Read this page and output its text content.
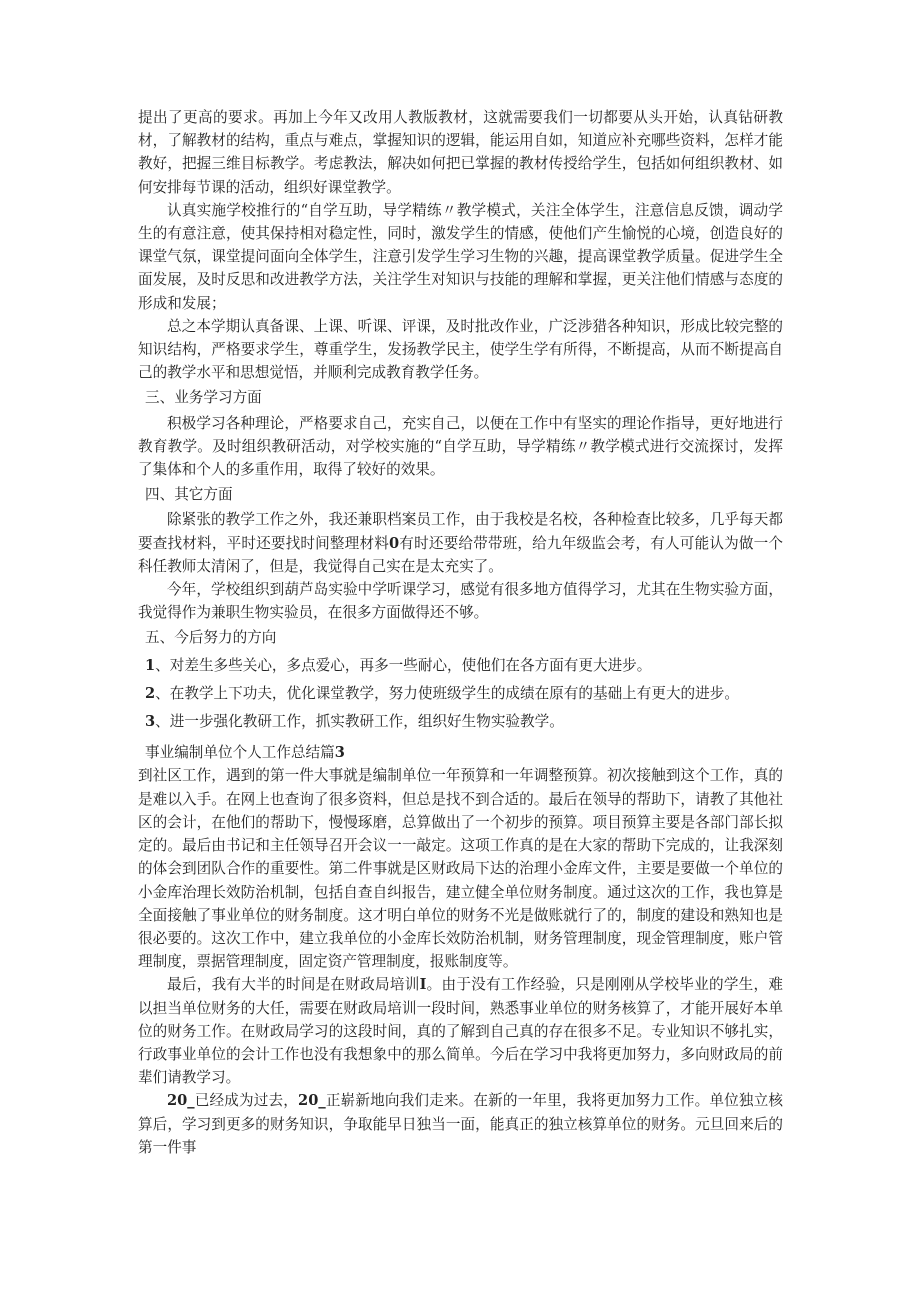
提出了更高的要求。再加上今年又改用人教版教材，这就需要我们一切都要从头开始，认真钻研教材，了解教材的结构，重点与难点，掌握知识的逻辑，能运用自如，知道应补充哪些资料，怎样才能教好，把握三维目标教学。考虑教法，解决如何把已掌握的教材传授给学生，包括如何组织教材、如何安排每节课的活动，组织好课堂教学。

认真实施学校推行的“自学互助，导学精练〃教学模式，关注全体学生，注意信息反馈，调动学生的有意注意，使其保持相对稳定性，同时，激发学生的情感，使他们产生愉悦的心境，创造良好的课堂气氛，课堂提问面向全体学生，注意引发学生学习生物的兴趣，提高课堂教学质量。促进学生全面发展，及时反思和改进教学方法，关注学生对知识与技能的理解和掌握，更关注他们情感与态度的形成和发展；

总之本学期认真备课、上课、听课、评课，及时批改作业，广泛涉猎各种知识，形成比较完整的知识结构，严格要求学生，尊重学生，发扬教学民主，使学生学有所得，不断提高，从而不断提高自己的教学水平和思想觉悟，并顺利完成教育教学任务。

三、业务学习方面

积极学习各种理论，严格要求自己，充实自己，以便在工作中有坚实的理论作指导，更好地进行教育教学。及时组织教研活动，对学校实施的“自学互助，导学精练〃教学模式进行交流探讨，发挥了集体和个人的多重作用，取得了较好的效果。

四、其它方面

除紧张的教学工作之外，我还兼职档案员工作，由于我校是名校，各种检查比较多，几乎每天都要查找材料，平时还要找时间整理材料0有时还要给带带班，给九年级监会考，有人可能认为做一个科任教师太清闲了，但是，我觉得自己实在是太充实了。

今年，学校组织到葫芦岛实验中学听课学习，感觉有很多地方值得学习，尤其在生物实验方面，我觉得作为兼职生物实验员，在很多方面做得还不够。

五、今后努力的方向

1、对差生多些关心，多点爱心，再多一些耐心，使他们在各方面有更大进步。

2、在教学上下功夫，优化课堂教学，努力使班级学生的成绩在原有的基础上有更大的进步。

3、进一步强化教研工作，抓实教研工作，组织好生物实验教学。

事业编制单位个人工作总结篇3

到社区工作，遇到的第一件大事就是编制单位一年预算和一年调整预算。初次接触到这个工作，真的是难以入手。在网上也查询了很多资料，但总是找不到合适的。最后在领导的帮助下，请教了其他社区的会计，在他们的帮助下，慢慢琢磨，总算做出了一个初步的预算。项目预算主要是各部门部长拟定的。最后由书记和主任领导召开会议一一敲定。这项工作真的是在大家的帮助下完成的，让我深刻的体会到团队合作的重要性。第二件事就是区财政局下达的治理小金库文件，主要是要做一个单位的小金库治理长效防治机制，包括自查自纠报告，建立健全单位财务制度。通过这次的工作，我也算是全面接触了事业单位的财务制度。这才明白单位的财务不光是做账就行了的，制度的建设和熟知也是很必要的。这次工作中，建立我单位的小金库长效防治机制，财务管理制度，现金管理制度，账户管理制度，票据管理制度，固定资产管理制度，报账制度等。

最后，我有大半的时间是在财政局培训I。由于没有工作经验，只是刚刚从学校毕业的学生，难以担当单位财务的大任，需要在财政局培训一段时间，熟悉事业单位的财务核算了，才能开展好本单位的财务工作。在财政局学习的这段时间，真的了解到自己真的存在很多不足。专业知识不够扎实，行政事业单位的会计工作也没有我想象中的那么简单。今后在学习中我将更加努力，多向财政局的前辈们请教学习。

20_已经成为过去，20_正崭新地向我们走来。在新的一年里，我将更加努力工作。单位独立核算后，学习到更多的财务知识，争取能早日独当一面，能真正的独立核算单位的财务。元旦回来后的第一件事
